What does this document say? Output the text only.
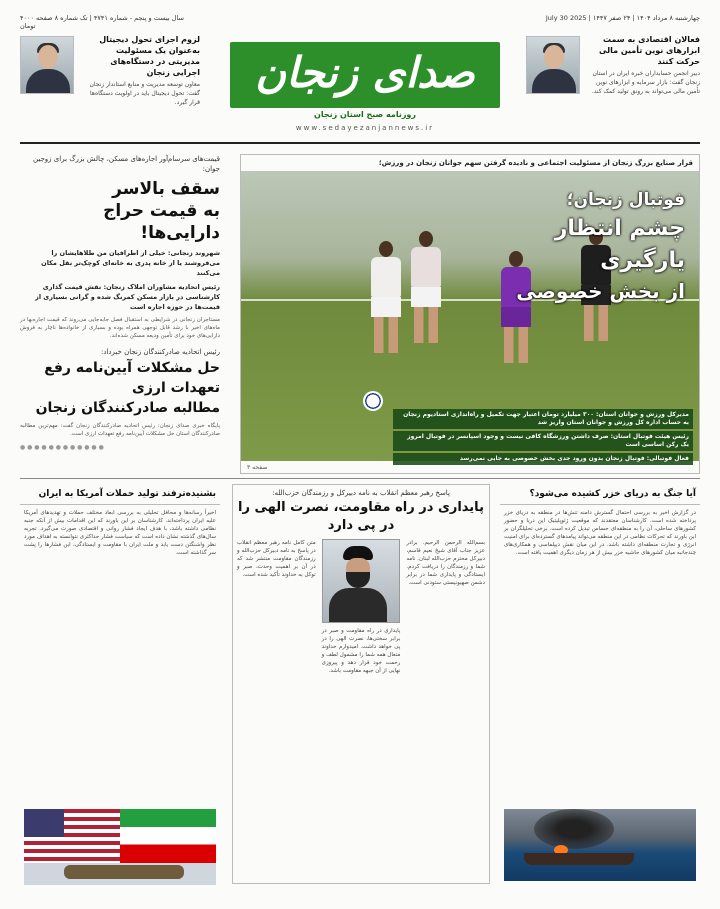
چهارشنبه ۸ مرداد ۱۴۰۴ | ۲۴ صفر ۱۴۴۷ | July 30 2025
سال بیست و پنجم - شماره ۴۷۴۱ | تک شماره ۸ صفحه ۴۰۰۰ تومان
فعالان اقتصادی به سمت ابزارهای نوین تأمین مالی حرکت کنند
دبیر انجمن حسابداران خبره ایران در استان زنجان گفت: بازار سرمایه و ابزارهای نوین تأمین مالی می‌تواند به رونق تولید کمک کند.
صدای زنجان
روزنامه صبح استان زنجان
www.sedayezanjannews.ir
لزوم اجرای تحول دیجیتال به‌عنوان یک مسئولیت مدیریتی در دستگاه‌های اجرایی زنجان
معاون توسعه مدیریت و منابع استاندار زنجان گفت: تحول دیجیتال باید در اولویت دستگاه‌ها قرار گیرد.
قرار صنایع بزرگ زنجان از مسئولیت اجتماعی و نادیده گرفتن سهم جوانان زنجان در ورزش؛
فوتبال زنجان؛
چشم انتظار یارگیری
از بخش خصوصی
مدیرکل ورزش و جوانان استان: ۳۰۰ میلیارد تومان اعتبار جهت تکمیل و راه‌اندازی استادیوم زنجان به حساب اداره کل ورزش و جوانان استان واریز شد
رئیس هیئت فوتبال استان: صرف داشتن ورزشگاه کافی نیست و وجود اسپانسر در فوتبال امروز یک رکن اساسی است
فعال فوتبالی: فوتبال زنجان بدون ورود جدی بخش خصوصی به جایی نمی‌رسد
صفحه ۳
قیمت‌های سرسام‌آور اجاره‌های مسکن، چالش بزرگ برای زوجین جوان:
سقف بالاسر
به قیمت حراج دارایی‌ها!
شهروند زنجانی: خیلی از اطرافیان من طلاهایشان را می‌فروشند یا از خانه پدری به خانه‌ای کوچک‌تر نقل مکان می‌کنند
رئیس اتحادیه مشاوران املاک زنجان: نقش قیمت گذاری کارشناسی در بازار مسکن کمرنگ شده و گرانی بسیاری از قیمت‌ها در حوزه اجاره است
مستاجران زنجانی در شرایطی به استقبال فصل جابه‌جایی می‌روند که قیمت اجاره‌بها در ماه‌های اخیر با رشد قابل توجهی همراه بوده و بسیاری از خانواده‌ها ناچار به فروش دارایی‌های خود برای تأمین ودیعه مسکن شده‌اند.
رئیس اتحادیه صادرکنندگان زنجان خبرداد:
حل مشکلات آیین‌نامه رفع تعهدات ارزی
مطالبه صادرکنندگان زنجان
پایگاه خبری صدای زنجان: رئیس اتحادیه صادرکنندگان زنجان گفت: مهم‌ترین مطالبه صادرکنندگان استان حل مشکلات آیین‌نامه رفع تعهدات ارزی است.
● ● ● ● ● ● ● ● ● ● ● ●
آیا جنگ به دریای خزر کشیده می‌شود؟
در گزارش اخیر به بررسی احتمال گسترش دامنه تنش‌ها در منطقه به دریای خزر پرداخته شده است. کارشناسان معتقدند که موقعیت ژئوپلیتیک این دریا و حضور کشورهای ساحلی، آن را به منطقه‌ای حساس تبدیل کرده است. برخی تحلیلگران بر این باورند که تحرکات نظامی در این منطقه می‌تواند پیامدهای گسترده‌ای برای امنیت انرژی و تجارت منطقه‌ای داشته باشد. در این میان نقش دیپلماسی و همکاری‌های چندجانبه میان کشورهای حاشیه خزر بیش از هر زمان دیگری اهمیت یافته است.
پاسخ رهبر معظم انقلاب به نامه دبیرکل و رزمندگان حزب‌الله:
پایداری در راه مقاومت، نصرت الهی را در پی دارد
بسم‌الله الرحمن الرحیم. برادر عزیز جناب آقای شیخ نعیم قاسم، دبیرکل محترم حزب‌الله لبنان. نامه شما و رزمندگان را دریافت کردم. ایستادگی و پایداری شما در برابر دشمن صهیونیستی ستودنی است.
پایداری در راه مقاومت و صبر در برابر سختی‌ها، نصرت الهی را در پی خواهد داشت. امیدوارم خداوند متعال همه شما را مشمول لطف و رحمت خود قرار دهد و پیروزی نهایی از آن جبهه مقاومت باشد.
متن کامل نامه رهبر معظم انقلاب در پاسخ به نامه دبیرکل حزب‌الله و رزمندگان مقاومت منتشر شد که در آن بر اهمیت وحدت، صبر و توکل به خداوند تأکید شده است.
بشنیده‌ترفند تولید حملات آمریکا به ایران
اخیراً رسانه‌ها و محافل تحلیلی به بررسی ابعاد مختلف حملات و تهدیدهای آمریکا علیه ایران پرداخته‌اند. کارشناسان بر این باورند که این اقدامات بیش از آنکه جنبه نظامی داشته باشد، با هدف ایجاد فشار روانی و اقتصادی صورت می‌گیرد. تجربه سال‌های گذشته نشان داده است که سیاست فشار حداکثری نتوانسته به اهداف مورد نظر واشنگتن دست یابد و ملت ایران با مقاومت و ایستادگی، این فشارها را پشت سر گذاشته است.
